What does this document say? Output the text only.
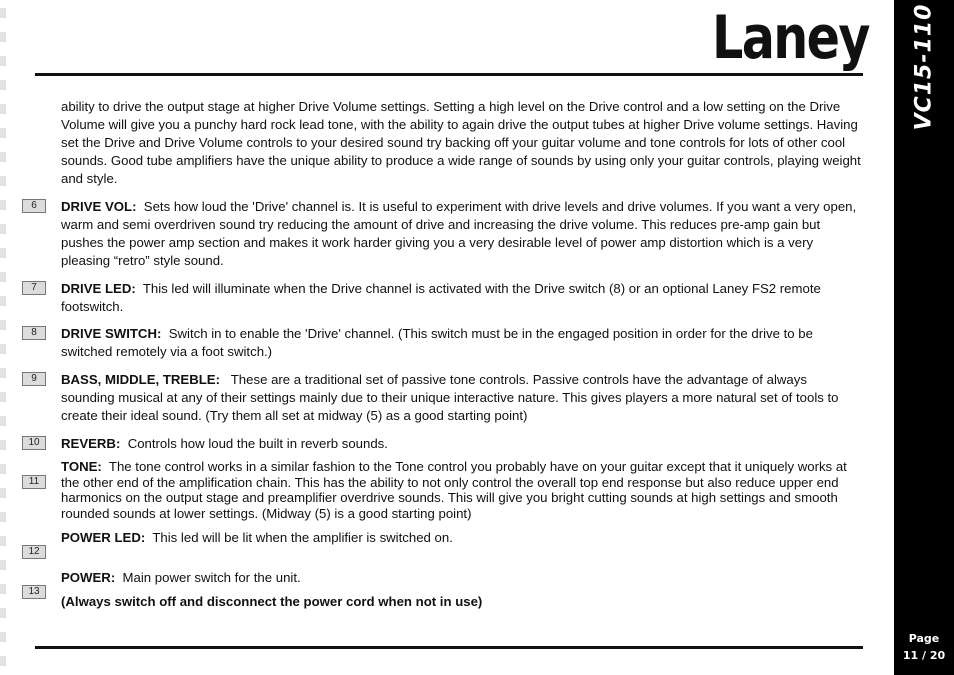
Laney VC15-110
Page
11 / 20

ability to drive the output stage at higher Drive Volume settings. Setting a high level on the Drive control and a low setting on the Drive Volume will give you a punchy hard rock lead tone, with the ability to again drive the output tubes at higher Drive volume settings. Having set the Drive and Drive Volume controls to your desired sound try backing off your guitar volume and tone controls for lots of other cool sounds. Good tube amplifiers have the unique ability to produce a wide range of sounds by using only your guitar controls, playing weight and style.

6	DRIVE VOL: Sets how loud the 'Drive' channel is. It is useful to experiment with drive levels and drive volumes. If you want a very open, warm and semi overdriven sound try reducing the amount of drive and increasing the drive volume. This reduces pre-amp gain but pushes the power amp section and makes it work harder giving you a very desirable level of power amp distortion which is a very pleasing “retro” style sound.

7	DRIVE LED: This led will illuminate when the Drive channel is activated with the Drive switch (8) or an optional Laney FS2 remote footswitch.

8	DRIVE SWITCH: Switch in to enable the 'Drive' channel. (This switch must be in the engaged position in order for the drive to be switched remotely via a foot switch.)

9	BASS, MIDDLE, TREBLE: These are a traditional set of passive tone controls. Passive controls have the advantage of always sounding musical at any of their settings mainly due to their unique interactive nature. This gives players a more natural set of tools to create their ideal sound. (Try them all set at midway (5) as a good starting point)

10	REVERB: Controls how loud the built in reverb sounds.

11

TONE: The tone control works in a similar fashion to the Tone control you probably have on your guitar except that it uniquely works at the other end of the amplification chain. This has the ability to not only control the overall top end response but also reduce upper end harmonics on the output stage and preamplifier overdrive sounds. This will give you bright cutting sounds at high settings and smooth rounded sounds at lower settings. (Midway (5) is a good starting point)

12

POWER LED: This led will be lit when the amplifier is switched on.

13

POWER: Main power switch for the unit.

(Always switch off and disconnect the power cord when not in use)
